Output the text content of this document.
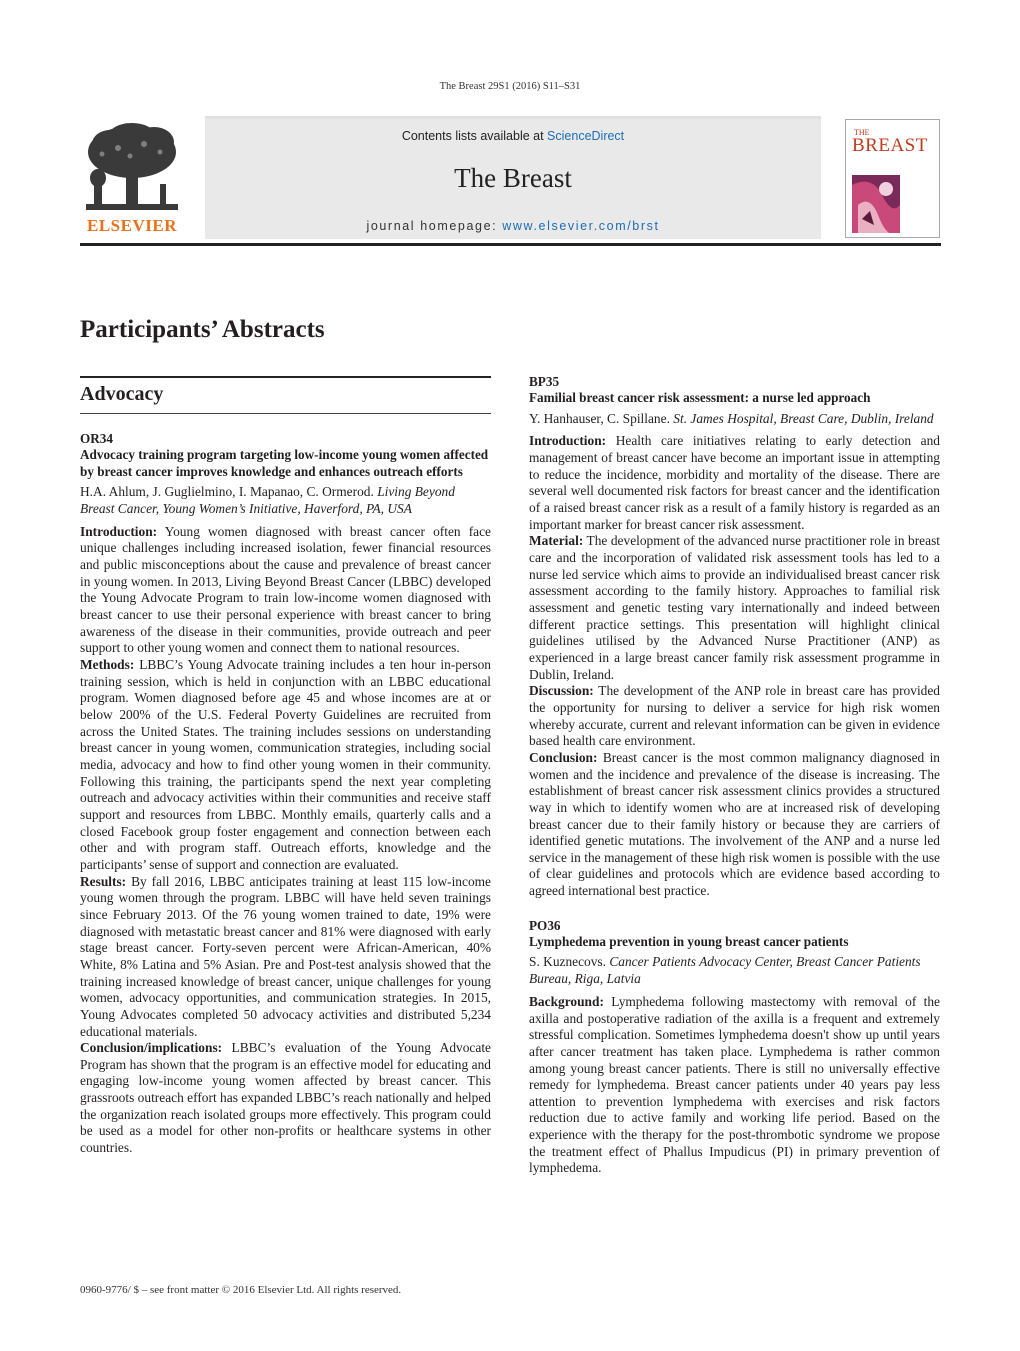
The Breast 29S1 (2016) S11–S31
ELSEVIER
Contents lists available at ScienceDirect
The Breast
journal homepage: www.elsevier.com/brst
THE
BREAST
Participants’ Abstracts
Advocacy
OR34
Advocacy training program targeting low-income young women affected by breast cancer improves knowledge and enhances outreach efforts
H.A. Ahlum, J. Guglielmino, I. Mapanao, C. Ormerod. Living Beyond Breast Cancer, Young Women’s Initiative, Haverford, PA, USA

Introduction: Young women diagnosed with breast cancer often face unique challenges including increased isolation, fewer financial resources and public misconceptions about the cause and prevalence of breast cancer in young women. In 2013, Living Beyond Breast Cancer (LBBC) developed the Young Advocate Program to train low-income women diagnosed with breast cancer to use their personal experience with breast cancer to bring awareness of the disease in their communities, provide outreach and peer support to other young women and connect them to national resources.

Methods: LBBC’s Young Advocate training includes a ten hour in-person training session, which is held in conjunction with an LBBC educational program. Women diagnosed before age 45 and whose incomes are at or below 200% of the U.S. Federal Poverty Guidelines are recruited from across the United States. The training includes sessions on understanding breast cancer in young women, communication strategies, including social media, advocacy and how to find other young women in their community. Following this training, the participants spend the next year completing outreach and advocacy activities within their communities and receive staff support and resources from LBBC. Monthly emails, quarterly calls and a closed Facebook group foster engagement and connection between each other and with program staff. Outreach efforts, knowledge and the participants’ sense of support and connection are evaluated.

Results: By fall 2016, LBBC anticipates training at least 115 low-income young women through the program. LBBC will have held seven trainings since February 2013. Of the 76 young women trained to date, 19% were diagnosed with metastatic breast cancer and 81% were diagnosed with early stage breast cancer. Forty-seven percent were African-American, 40% White, 8% Latina and 5% Asian. Pre and Post-test analysis showed that the training increased knowledge of breast cancer, unique challenges for young women, advocacy opportunities, and communication strategies. In 2015, Young Advocates completed 50 advocacy activities and distributed 5,234 educational materials.

Conclusion/implications: LBBC’s evaluation of the Young Advocate Program has shown that the program is an effective model for educating and engaging low-income young women affected by breast cancer. This grassroots outreach effort has expanded LBBC’s reach nationally and helped the organization reach isolated groups more effectively. This program could be used as a model for other non-profits or healthcare systems in other countries.

BP35
Familial breast cancer risk assessment: a nurse led approach
Y. Hanhauser, C. Spillane. St. James Hospital, Breast Care, Dublin, Ireland

Introduction: Health care initiatives relating to early detection and management of breast cancer have become an important issue in attempting to reduce the incidence, morbidity and mortality of the disease. There are several well documented risk factors for breast cancer and the identification of a raised breast cancer risk as a result of a family history is regarded as an important marker for breast cancer risk assessment.

Material: The development of the advanced nurse practitioner role in breast care and the incorporation of validated risk assessment tools has led to a nurse led service which aims to provide an individualised breast cancer risk assessment according to the family history. Approaches to familial risk assessment and genetic testing vary internationally and indeed between different practice settings. This presentation will highlight clinical guidelines utilised by the Advanced Nurse Practitioner (ANP) as experienced in a large breast cancer family risk assessment programme in Dublin, Ireland.

Discussion: The development of the ANP role in breast care has provided the opportunity for nursing to deliver a service for high risk women whereby accurate, current and relevant information can be given in evidence based health care environment.

Conclusion: Breast cancer is the most common malignancy diagnosed in women and the incidence and prevalence of the disease is increasing. The establishment of breast cancer risk assessment clinics provides a structured way in which to identify women who are at increased risk of developing breast cancer due to their family history or because they are carriers of identified genetic mutations. The involvement of the ANP and a nurse led service in the management of these high risk women is possible with the use of clear guidelines and protocols which are evidence based according to agreed international best practice.

PO36
Lymphedema prevention in young breast cancer patients
S. Kuznecovs. Cancer Patients Advocacy Center, Breast Cancer Patients Bureau, Riga, Latvia

Background: Lymphedema following mastectomy with removal of the axilla and postoperative radiation of the axilla is a frequent and extremely stressful complication. Sometimes lymphedema doesn't show up until years after cancer treatment has taken place. Lymphedema is rather common among young breast cancer patients. There is still no universally effective remedy for lymphedema. Breast cancer patients under 40 years pay less attention to prevention lymphedema with exercises and risk factors reduction due to active family and working life period. Based on the experience with the therapy for the post-thrombotic syndrome we propose the treatment effect of Phallus Impudicus (PI) in primary prevention of lymphedema.

0960-9776/ $ – see front matter © 2016 Elsevier Ltd. All rights reserved.
